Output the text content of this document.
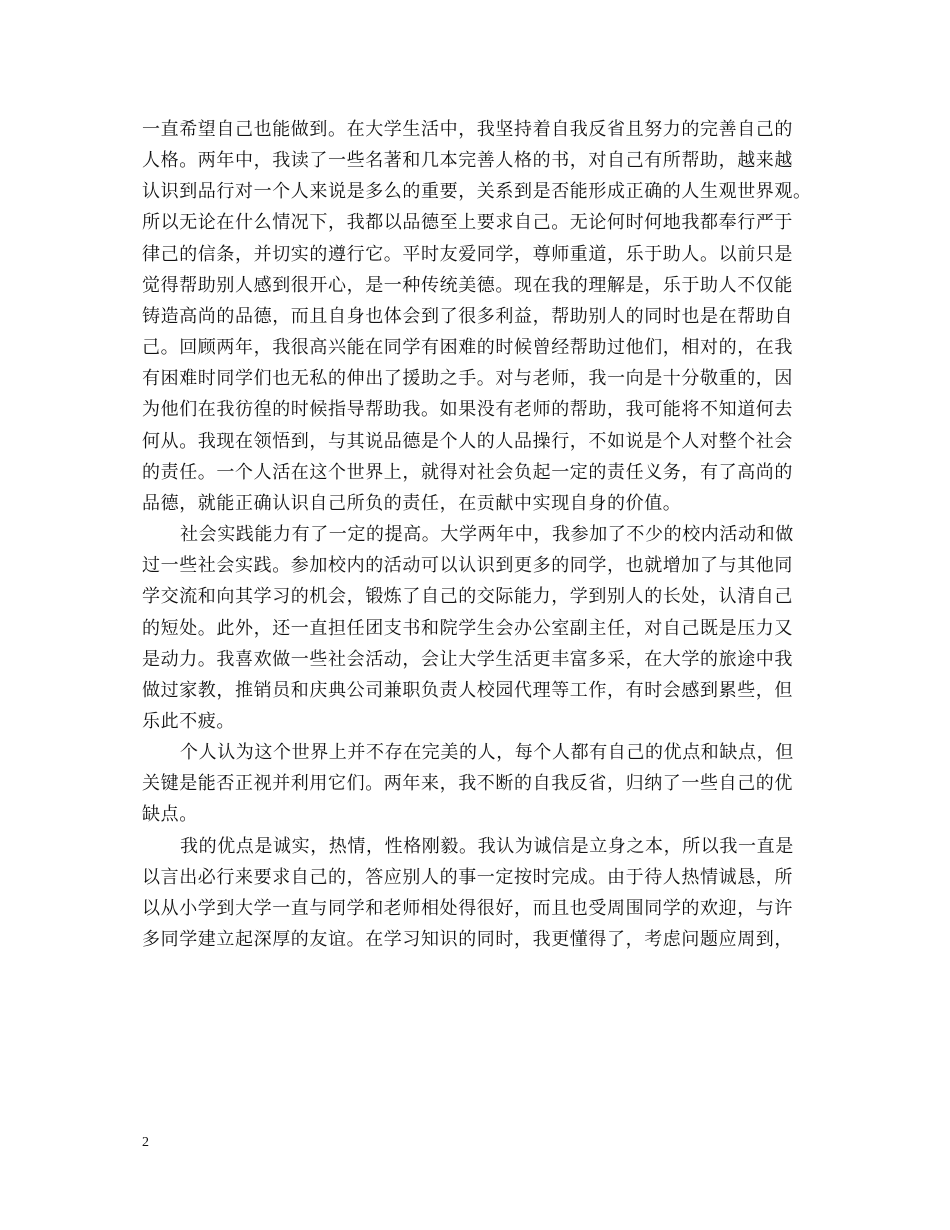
一直希望自己也能做到。在大学生活中，我坚持着自我反省且努力的完善自己的
人格。两年中，我读了一些名著和几本完善人格的书，对自己有所帮助，越来越
认识到品行对一个人来说是多么的重要，关系到是否能形成正确的人生观世界观。
所以无论在什么情况下，我都以品德至上要求自己。无论何时何地我都奉行严于
律己的信条，并切实的遵行它。平时友爱同学，尊师重道，乐于助人。以前只是
觉得帮助别人感到很开心，是一种传统美德。现在我的理解是，乐于助人不仅能
铸造高尚的品德，而且自身也体会到了很多利益，帮助别人的同时也是在帮助自
己。回顾两年，我很高兴能在同学有困难的时候曾经帮助过他们，相对的，在我
有困难时同学们也无私的伸出了援助之手。对与老师，我一向是十分敬重的，因
为他们在我彷徨的时候指导帮助我。如果没有老师的帮助，我可能将不知道何去
何从。我现在领悟到，与其说品德是个人的人品操行，不如说是个人对整个社会
的责任。一个人活在这个世界上，就得对社会负起一定的责任义务，有了高尚的
品德，就能正确认识自己所负的责任，在贡献中实现自身的价值。

社会实践能力有了一定的提高。大学两年中，我参加了不少的校内活动和做
过一些社会实践。参加校内的活动可以认识到更多的同学，也就增加了与其他同
学交流和向其学习的机会，锻炼了自己的交际能力，学到别人的长处，认清自己
的短处。此外，还一直担任团支书和院学生会办公室副主任，对自己既是压力又
是动力。我喜欢做一些社会活动，会让大学生活更丰富多采，在大学的旅途中我
做过家教，推销员和庆典公司兼职负责人校园代理等工作，有时会感到累些，但
乐此不疲。

个人认为这个世界上并不存在完美的人，每个人都有自己的优点和缺点，但
关键是能否正视并利用它们。两年来，我不断的自我反省，归纳了一些自己的优
缺点。

我的优点是诚实，热情，性格刚毅。我认为诚信是立身之本，所以我一直是
以言出必行来要求自己的，答应别人的事一定按时完成。由于待人热情诚恳，所
以从小学到大学一直与同学和老师相处得很好，而且也受周围同学的欢迎，与许
多同学建立起深厚的友谊。在学习知识的同时，我更懂得了，考虑问题应周到，

2
